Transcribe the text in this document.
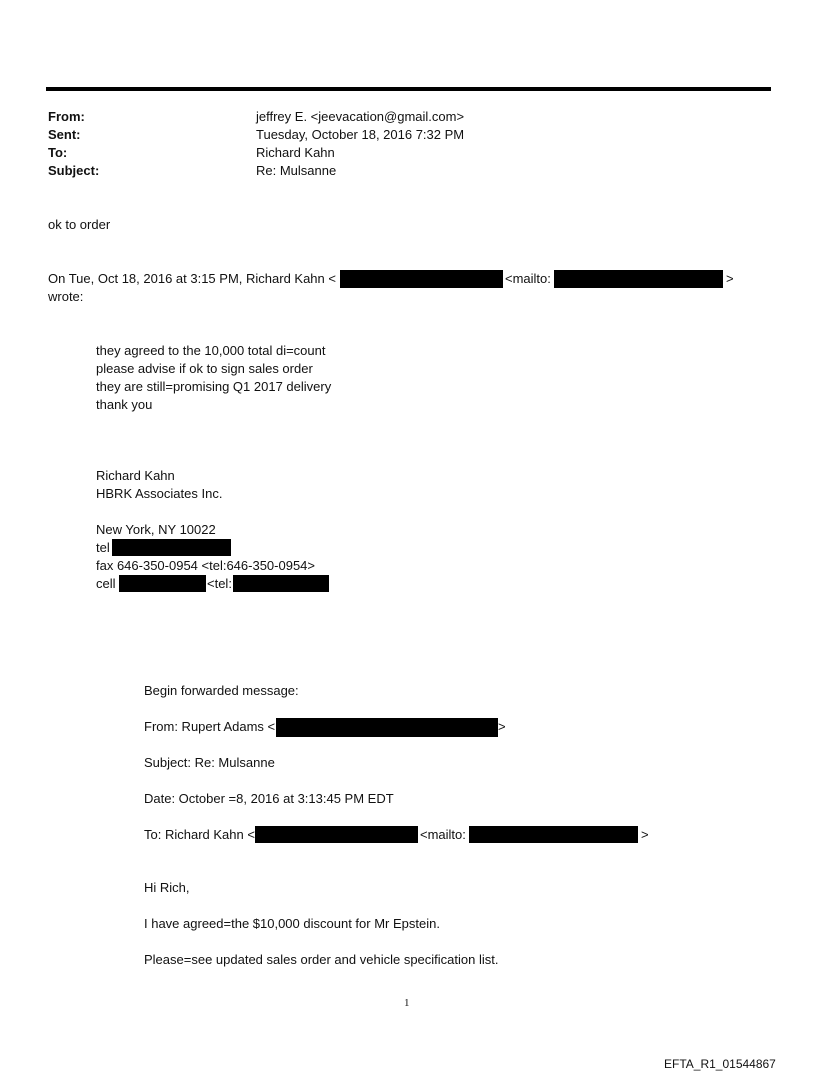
From:	jeffrey E. <jeevacation@gmail.com>
Sent:	Tuesday, October 18, 2016 7:32 PM
To:	Richard Kahn
Subject:	Re: Mulsanne
ok to order
On Tue, Oct 18, 2016 at 3:15 PM, Richard Kahn <	<mailto:	>
wrote:
they agreed to the 10,000 total di=count
please advise if ok to sign sales order
they are still=promising Q1 2017 delivery
thank you
Richard Kahn
HBRK Associates Inc.
New York, NY 10022
tel
fax 646-350-0954 <tel:646-350-0954>
cell	<tel:
Begin forwarded message:
From: Rupert Adams <	>
Subject: Re: Mulsanne
Date: October =8, 2016 at 3:13:45 PM EDT
To: Richard Kahn <	<mailto:	>
Hi Rich,
I have agreed=the $10,000 discount for Mr Epstein.
Please=see updated sales order and vehicle specification list.
1
EFTA_R1_01544867
